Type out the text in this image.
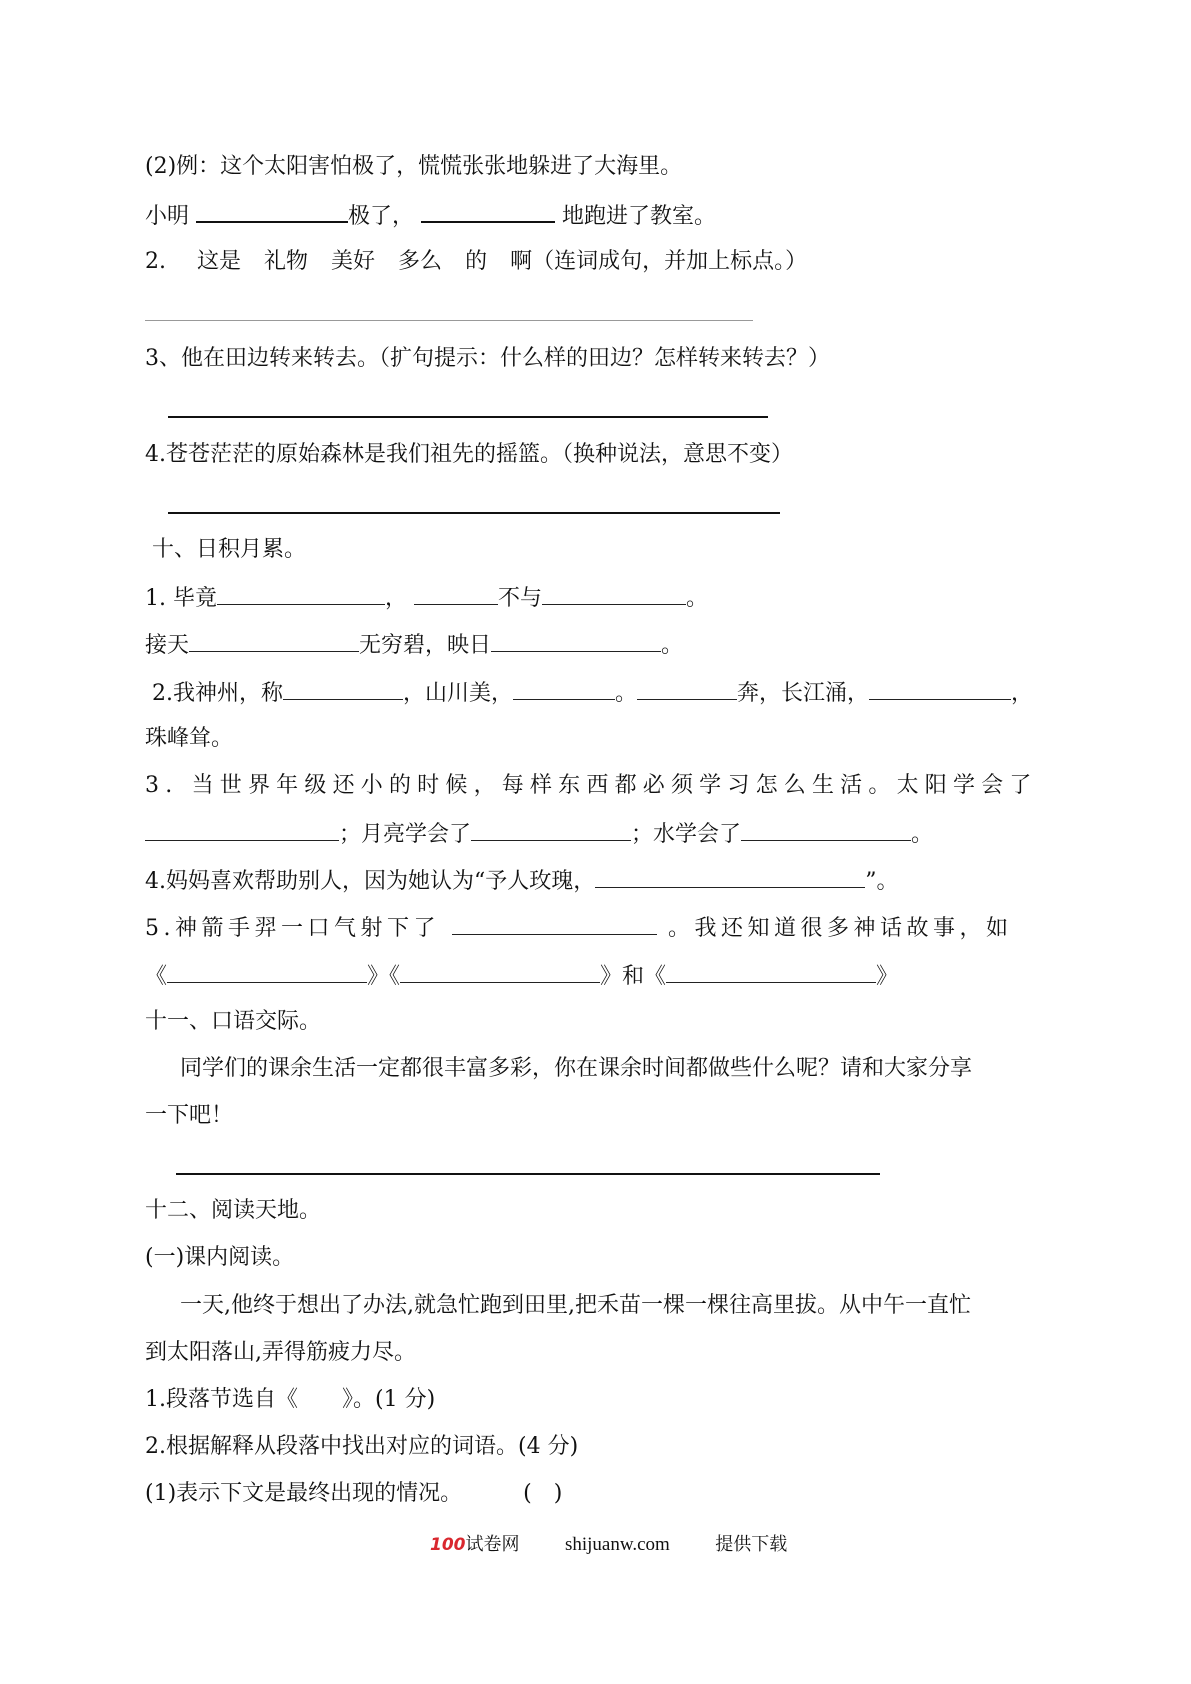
(2)例：这个太阳害怕极了，慌慌张张地躲进了大海里。
小明	极了，	地跑进了教室。
2. 这是 礼物 美好 多么 的 啊（连词成句，并加上标点。）
3、他在田边转来转去。（扩句提示：什么样的田边？怎样转来转去？）
4.苍苍茫茫的原始森林是我们祖先的摇篮。（换种说法，意思不变）
十、日积月累。
1. 毕竟	，	不与	。
接天	无穷碧，映日	。
2.我神州，称	，山川美，	。	奔，长江涌，	，
珠峰耸。
3. 当世界年级还小的时候，每样东西都必须学习怎么生活。太阳学会了
；月亮学会了	；水学会了	。
4.妈妈喜欢帮助别人，因为她认为“予人玫瑰，	”。
5.神箭手羿一口气射下了	。我还知道很多神话故事，如
《	》《	》和《	》
十一、口语交际。
同学们的课余生活一定都很丰富多彩，你在课余时间都做些什么呢？请和大家分享
一下吧！
十二、阅读天地。
(一)课内阅读。
一天,他终于想出了办法,就急忙跑到田里,把禾苗一棵一棵往高里拔。从中午一直忙
到太阳落山,弄得筋疲力尽。
1.段落节选自《　　》。(1 分)
2.根据解释从段落中找出对应的词语。(4 分)
(1)表示下文是最终出现的情况。	(　)
100试卷网 shijuanw.com	提供下载
